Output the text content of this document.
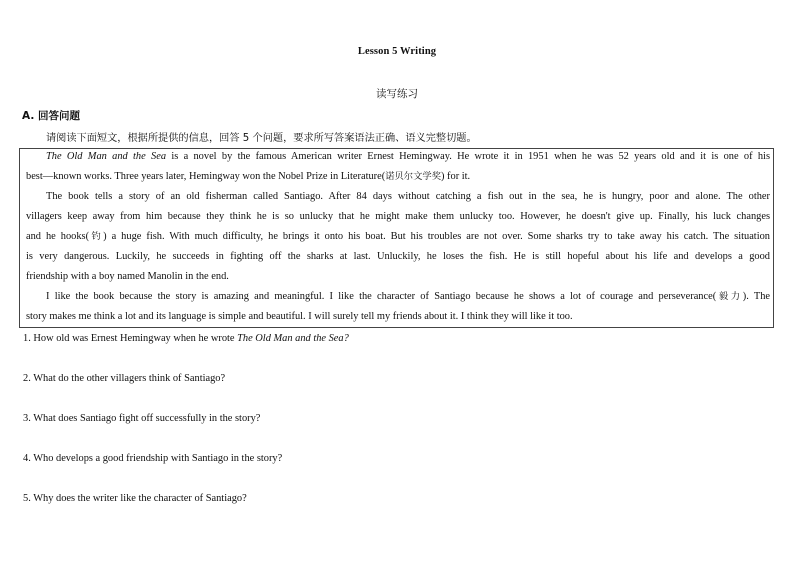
Lesson 5 Writing
读写练习
A. 回答问题
请阅读下面短文，根据所提供的信息，回答 5 个问题，要求所写答案语法正确、语义完整切题。
The Old Man and the Sea is a novel by the famous American writer Ernest Hemingway. He wrote it in 1951 when he was 52 years old and it is one of his
best—known works. Three years later, Hemingway won the Nobel Prize in Literature(诺贝尔文学奖) for it.
The book tells a story of an old fisherman called Santiago. After 84 days without catching a fish out in the sea, he is hungry, poor and alone. The other
villagers keep away from him because they think he is so unlucky that he might make them unlucky too. However, he doesn't give up. Finally, his luck changes
and he hooks(钓) a huge fish. With much difficulty, he brings it onto his boat. But his troubles are not over. Some sharks try to take away his catch. The situation
is very dangerous. Luckily, he succeeds in fighting off the sharks at last. Unluckily, he loses the fish. He is still hopeful about his life and develops a good
friendship with a boy named Manolin in the end.
I like the book because the story is amazing and meaningful. I like the character of Santiago because he shows a lot of courage and perseverance(毅力). The
story makes me think a lot and its language is simple and beautiful. I will surely tell my friends about it. I think they will like it too.
1. How old was Ernest Hemingway when he wrote The Old Man and the Sea?
2. What do the other villagers think of Santiago?
3. What does Santiago fight off successfully in the story?
4. Who develops a good friendship with Santiago in the story?
5. Why does the writer like the character of Santiago?
